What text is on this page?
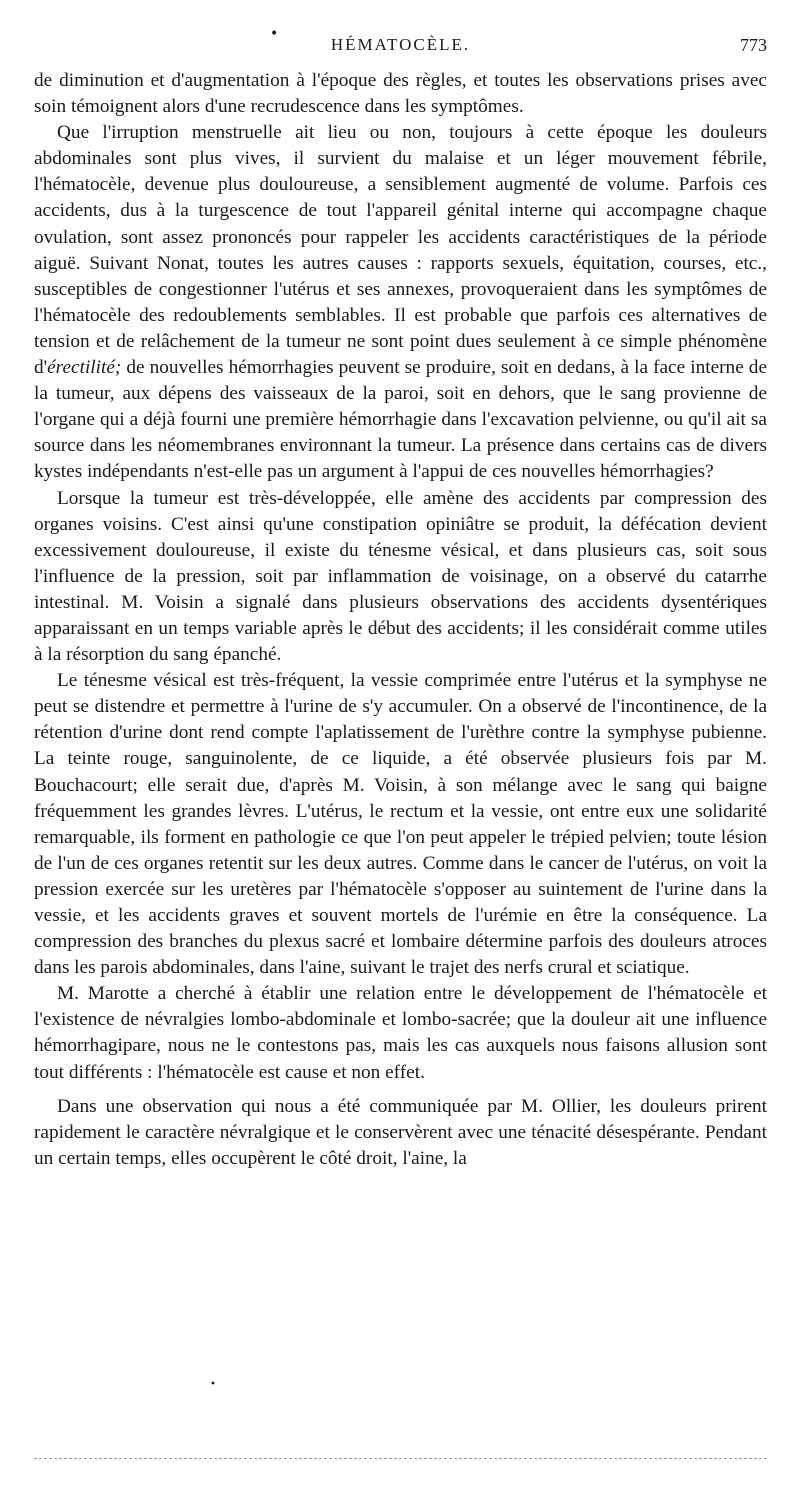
•
HÉMATOCÈLE.	773

de diminution et d'augmentation à l'époque des règles, et toutes les observations prises avec soin témoignent alors d'une recrudescence dans les symptômes.

Que l'irruption menstruelle ait lieu ou non, toujours à cette époque les douleurs abdominales sont plus vives, il survient du malaise et un léger mouvement fébrile, l'hématocèle, devenue plus douloureuse, a sensiblement augmenté de volume. Parfois ces accidents, dus à la turgescence de tout l'appareil génital interne qui accompagne chaque ovulation, sont assez prononcés pour rappeler les accidents caractéristiques de la période aiguë. Suivant Nonat, toutes les autres causes : rapports sexuels, équitation, courses, etc., susceptibles de congestionner l'utérus et ses annexes, provoqueraient dans les symptômes de l'hématocèle des redoublements semblables. Il est probable que parfois ces alternatives de tension et de relâchement de la tumeur ne sont point dues seulement à ce simple phénomène d'érectilité; de nouvelles hémorrhagies peuvent se produire, soit en dedans, à la face interne de la tumeur, aux dépens des vaisseaux de la paroi, soit en dehors, que le sang provienne de l'organe qui a déjà fourni une première hémorrhagie dans l'excavation pelvienne, ou qu'il ait sa source dans les néomembranes environnant la tumeur. La présence dans certains cas de divers kystes indépendants n'est-elle pas un argument à l'appui de ces nouvelles hémorrhagies?

Lorsque la tumeur est très-développée, elle amène des accidents par compression des organes voisins. C'est ainsi qu'une constipation opiniâtre se produit, la défécation devient excessivement douloureuse, il existe du ténesme vésical, et dans plusieurs cas, soit sous l'influence de la pression, soit par inflammation de voisinage, on a observé du catarrhe intestinal. M. Voisin a signalé dans plusieurs observations des accidents dysentériques apparaissant en un temps variable après le début des accidents; il les considérait comme utiles à la résorption du sang épanché.

Le ténesme vésical est très-fréquent, la vessie comprimée entre l'utérus et la symphyse ne peut se distendre et permettre à l'urine de s'y accumuler. On a observé de l'incontinence, de la rétention d'urine dont rend compte l'aplatissement de l'urèthre contre la symphyse pubienne. La teinte rouge, sanguinolente, de ce liquide, a été observée plusieurs fois par M. Bouchacourt; elle serait due, d'après M. Voisin, à son mélange avec le sang qui baigne fréquemment les grandes lèvres. L'utérus, le rectum et la vessie, ont entre eux une solidarité remarquable, ils forment en pathologie ce que l'on peut appeler le trépied pelvien; toute lésion de l'un de ces organes retentit sur les deux autres. Comme dans le cancer de l'utérus, on voit la pression exercée sur les uretères par l'hématocèle s'opposer au suintement de l'urine dans la vessie, et les accidents graves et souvent mortels de l'urémie en être la conséquence. La compression des branches du plexus sacré et lombaire détermine parfois des douleurs atroces dans les parois abdominales, dans l'aine, suivant le trajet des nerfs crural et sciatique.

M. Marotte a cherché à établir une relation entre le développement de l'hématocèle et l'existence de névralgies lombo-abdominale et lombo-sacrée; que la douleur ait une influence hémorrhagipare, nous ne le contestons pas, mais les cas auxquels nous faisons allusion sont tout différents : l'hématocèle est cause et non effet.

Dans une observation qui nous a été communiquée par M. Ollier, les douleurs prirent rapidement le caractère névralgique et le conservèrent avec une ténacité désespérante. Pendant un certain temps, elles occupèrent le côté droit, l'aine, la

•
